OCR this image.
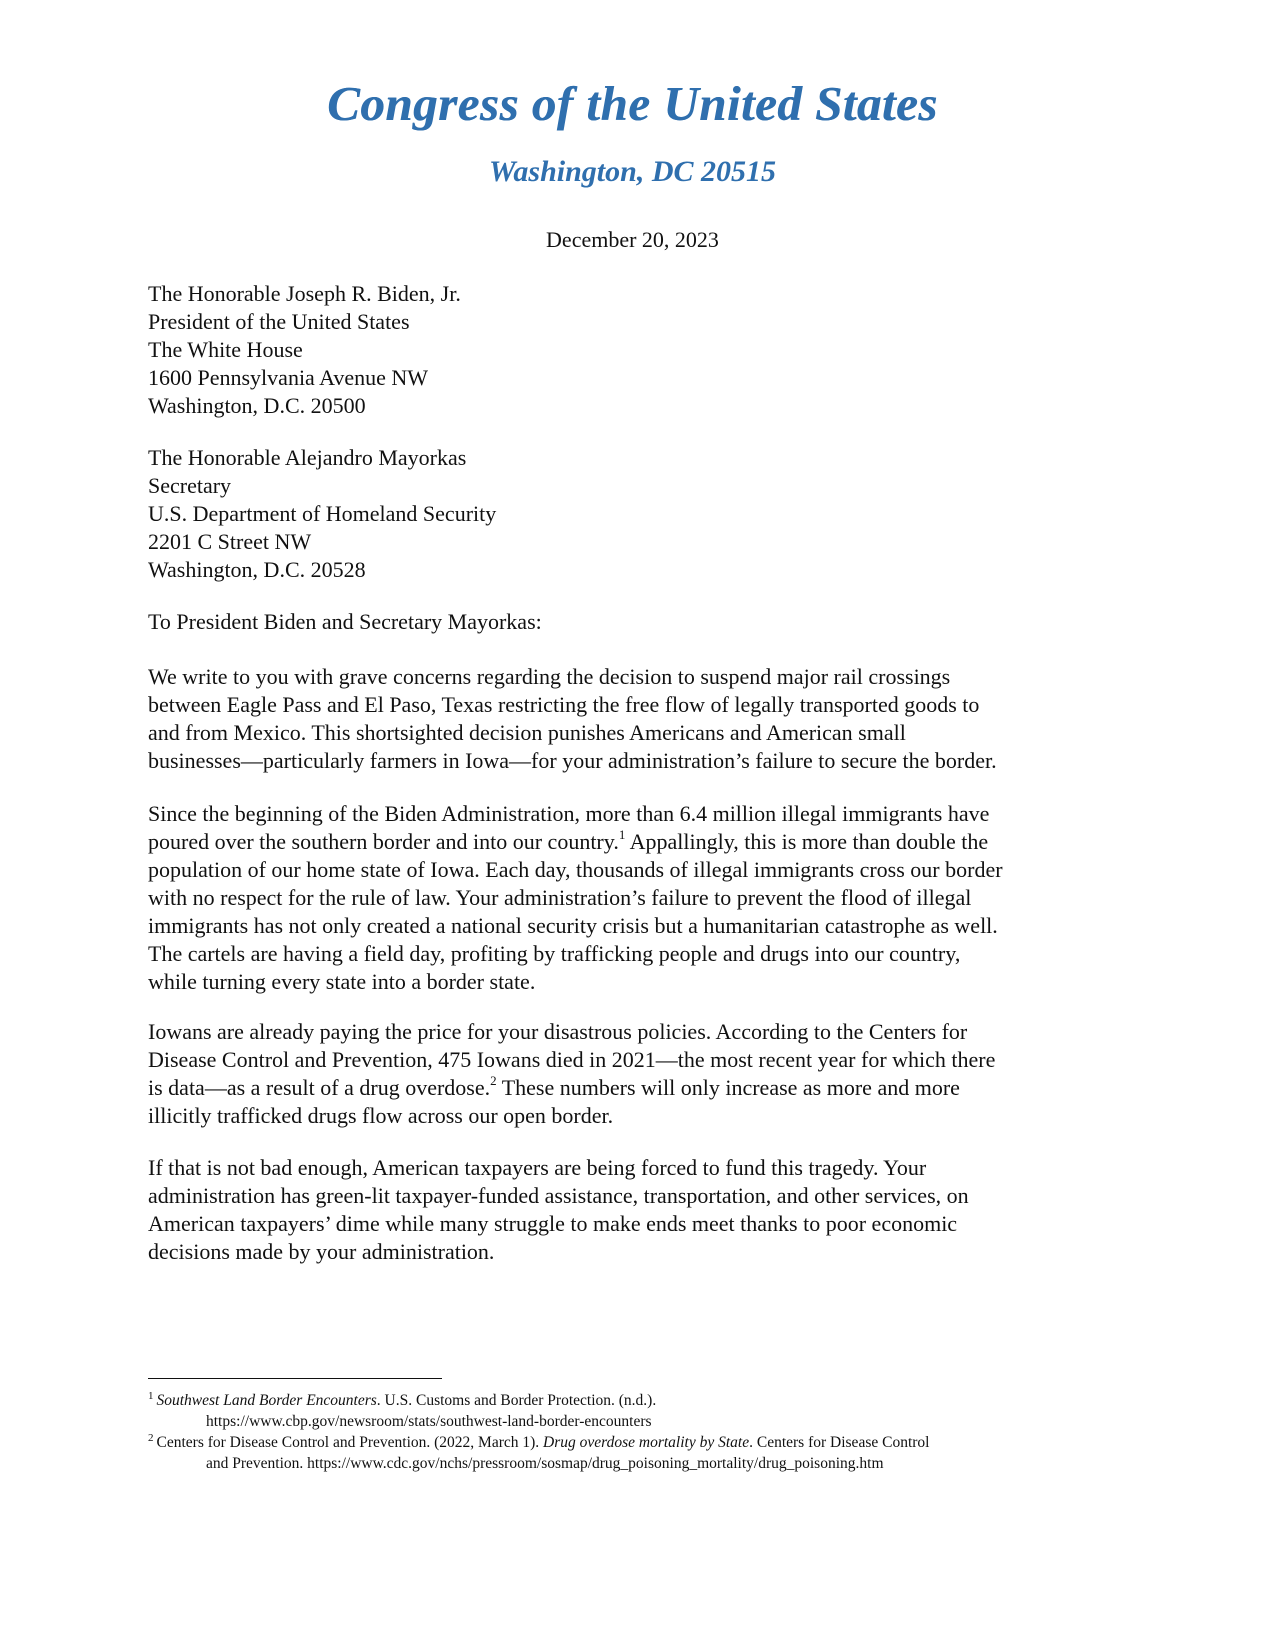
Congress of the United States
Washington, DC 20515
December 20, 2023
The Honorable Joseph R. Biden, Jr.
President of the United States
The White House
1600 Pennsylvania Avenue NW
Washington, D.C. 20500
The Honorable Alejandro Mayorkas
Secretary
U.S. Department of Homeland Security
2201 C Street NW
Washington, D.C. 20528
To President Biden and Secretary Mayorkas:
We write to you with grave concerns regarding the decision to suspend major rail crossings
between Eagle Pass and El Paso, Texas restricting the free flow of legally transported goods to
and from Mexico. This shortsighted decision punishes Americans and American small
businesses—particularly farmers in Iowa—for your administration’s failure to secure the border.
Since the beginning of the Biden Administration, more than 6.4 million illegal immigrants have
poured over the southern border and into our country.$^1$ Appallingly, this is more than double the
population of our home state of Iowa. Each day, thousands of illegal immigrants cross our border
with no respect for the rule of law. Your administration’s failure to prevent the flood of illegal
immigrants has not only created a national security crisis but a humanitarian catastrophe as well.
The cartels are having a field day, profiting by trafficking people and drugs into our country,
while turning every state into a border state.
Iowans are already paying the price for your disastrous policies. According to the Centers for
Disease Control and Prevention, 475 Iowans died in 2021—the most recent year for which there
is data—as a result of a drug overdose.$^2$ These numbers will only increase as more and more
illicitly trafficked drugs flow across our open border.
If that is not bad enough, American taxpayers are being forced to fund this tragedy. Your
administration has green-lit taxpayer-funded assistance, transportation, and other services, on
American taxpayers’ dime while many struggle to make ends meet thanks to poor economic
decisions made by your administration.
$^1$ Southwest Land Border Encounters. U.S. Customs and Border Protection. (n.d.).
https://www.cbp.gov/newsroom/stats/southwest-land-border-encounters
$^2$ Centers for Disease Control and Prevention. (2022, March 1). Drug overdose mortality by State. Centers for Disease Control
and Prevention. https://www.cdc.gov/nchs/pressroom/sosmap/drug_poisoning_mortality/drug_poisoning.htm
